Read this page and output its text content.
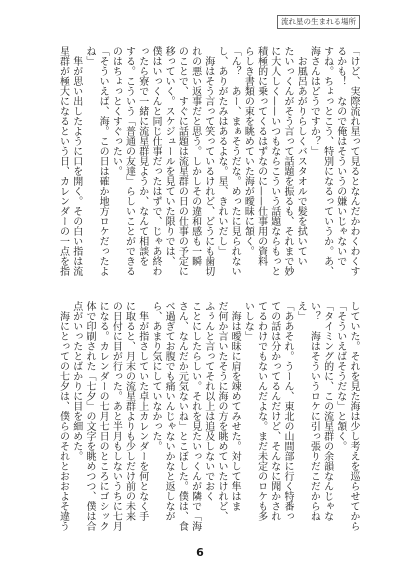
流れ星の生まれる場所
「けど、実際流れ星って見るとなんだかわくわくす
るかも！　なので俺はそういうの嫌いじゃないで
すね。ちょっとこう、特別になるっていうか。あ、
海さんはどうですか？」
　お風呂あがりらしくバスタオルで髪を拭いてい
たいっくんがそう言って話題を振るも、それまで妙
に大人しく——いつもならこういう話題ならもっと
積極的に乗ってくるはずなのに——仕事用の資料
らしき書類の束を眺めていた海が曖昧に頷く。
「ん？　あー、まぁそうだな。めったに見られない
し、ありがたみはあるよな。星、きれいだし」
　海はそう言って笑っているけれど、どうにも歯切
れの悪い返事だと思う。しかしその違和感も一瞬
のことで、すぐに話題は流星群の日の仕事の予定に
移っていく。スケジュールを見ていた限りでは、
僕はいっくんと同じ仕事だったはずで、じゃあ終わ
ったら寮で一緒に流星群見ようか、なんて相談を
する。こういう「普通の友達」らしいことができる
のはちょっとくすぐったい。
「そういえば、海。この日は確か地方ロケだったよ
ね」
　隼が思い出したように口を開く。その白い指は流
星群が極大になるという日、カレンダーの一点を指
していた。それを見た海は少し考えを巡らせてから
「そういえばそうだな」と頷く。
「タイミング的に、この流星群の余韻なんじゃな
い？　海はそういうロケに引っ張りだこだからね
え」
「ああそれ。うーん、東北の山間部に行く特番っ
ての話は分かってるんだけど、そんなに聞かされ
てるわけでもないんだよな。まだ未定のロケも多
いしな」
　海は曖昧に肩を竦めてみせた。対して隼はま
だ何か言いたそうに海の方を眺めていたけれど、
ふぅんと言ってそれ以上は追及しないでおく
ことにしたらしい。それを見たいっくんが隣で「海
さん、なんだか元気ないね」とこぼした。僕は、食
べ過ぎてお腹でも痛いんじゃないかなと返しなが
ら、あまり気にしていなかった。
　隼が指さしていた卓上カレンダーを何となく手
に取ると、月末の流星群よりも少しだけ前の未来
の日付に目が行った。あと半月もしないうちに七月
になる。カレンダーの七月七日のところにゴシック
体で印刷された「七夕」の文字を眺めつつ、僕は合
点がいったとばかりに目を細めた。
　海にとっての七夕は、僕らのそれとおおよそ違う
6
